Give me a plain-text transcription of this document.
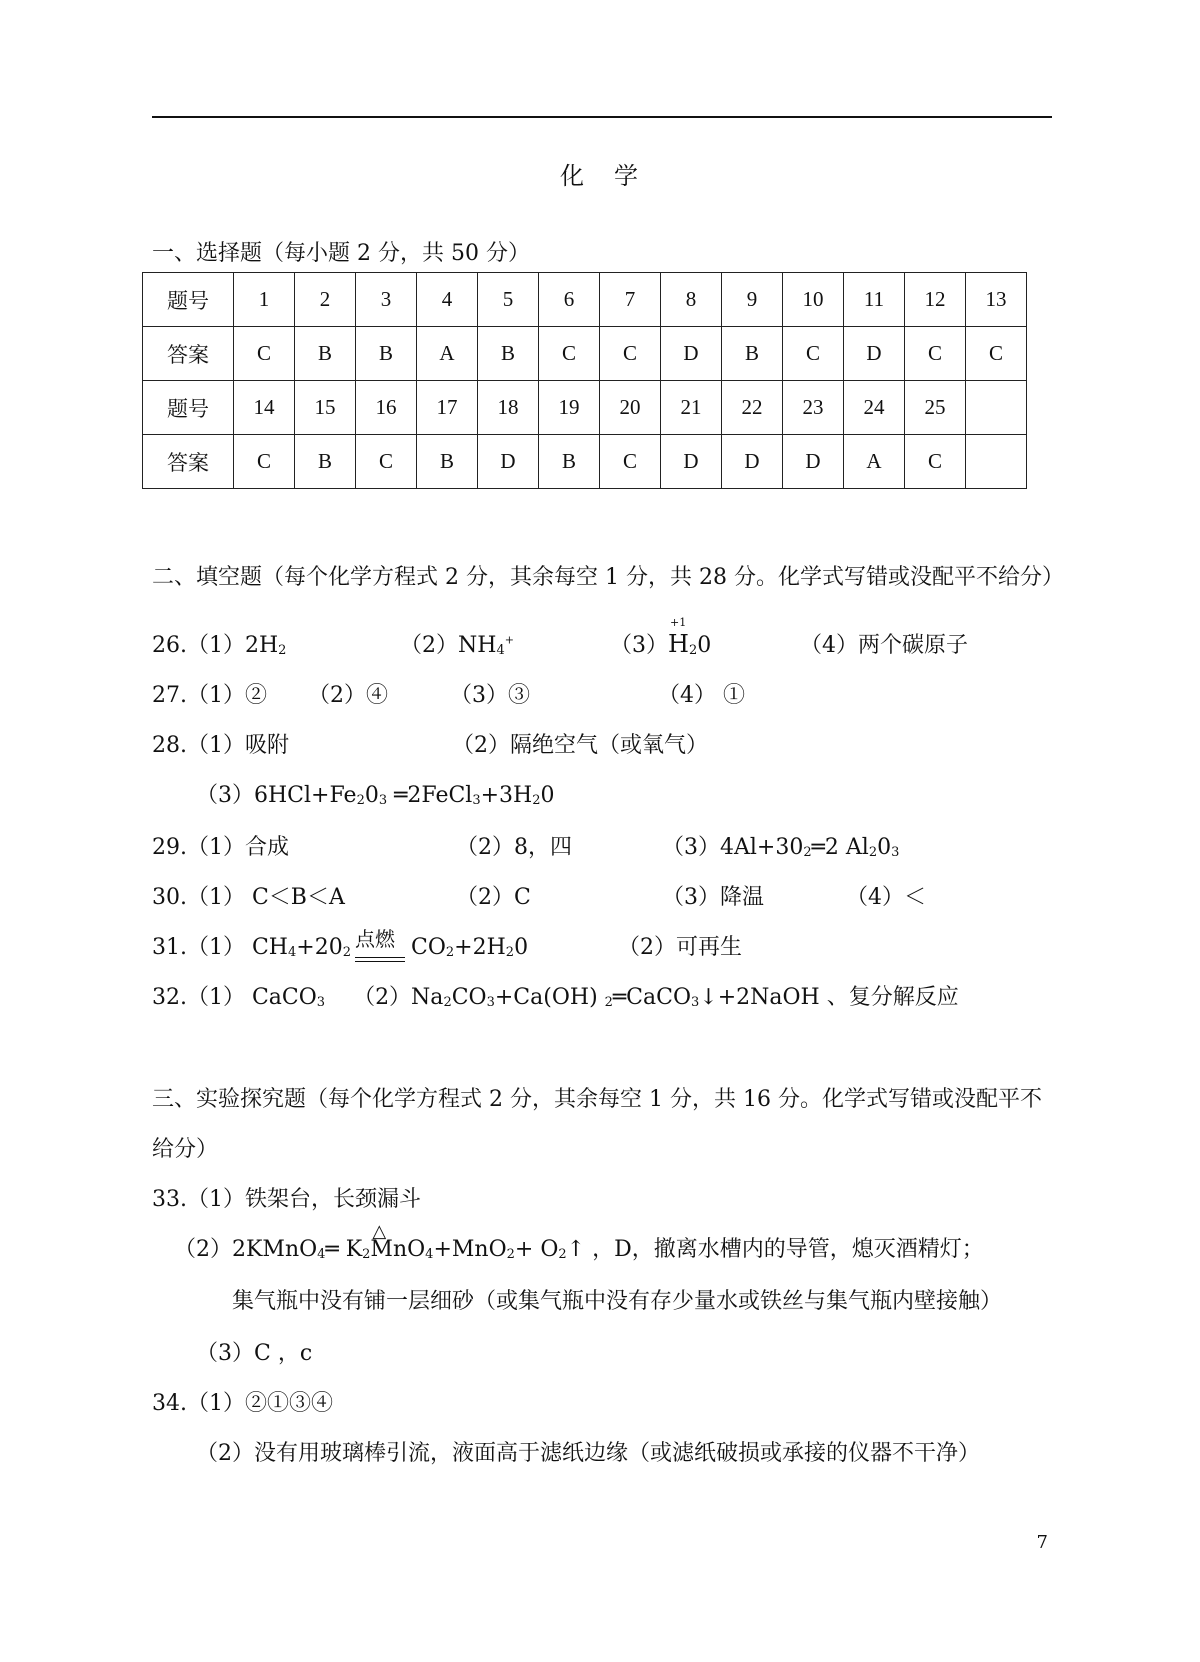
化 学
一、选择题（每小题 2 分，共 50 分）
题号	1	2	3	4	5	6	7	8	9	10	11	12	13
答案	C	B	B	A	B	C	C	D	B	C	D	C	C
题号	14	15	16	17	18	19	20	21	22	23	24	25	
答案	C	B	C	B	D	B	C	D	D	D	A	C	
二、填空题（每个化学方程式 2 分，其余每空 1 分，共 28 分。化学式写错或没配平不给分）
$26.(1)2H_2$	$(2)NH_4^+$	（3）
+1
$H_20$	（4）两个碳原子
27.（1）② （2）④	（3）③	（4） ①
28.（1）吸附	（2）隔绝空气（或氧气）
$(3)6HCl+Fe_20_3$ $═2FeCl_3+3H_20$
29.（1）合成	（2）8，四	$(3)4Al+30_2═2$ $Al_20_3$
30.（1） C＜B＜A	（2）C	（3）降温	（4）＜
31.（1） $CH_4+20_2$
点燃 $CO_2+2H_20$	（2）可再生
32.（1） CaCO$_3$ $(2)Na_2CO_3+Ca(OH)$ $_2$═CaCO$_3$↓+2NaOH 、复分解反应
三、实验探究题（每个化学方程式 2 分，其余每空 1 分，共 16 分。化学式写错或没配平不
给分）
33.（1）铁架台，长颈漏斗
（2）2KMnO$_4$═ $K_2$
△
$MnO_4+MnO_2+ O_2↑$ ，D，撤离水槽内的导管，熄灭酒精灯；
集气瓶中没有铺一层细砂（或集气瓶中没有存少量水或铁丝与集气瓶内壁接触）
（3）C ，c
34.（1）②①③④
（2）没有用玻璃棒引流，液面高于滤纸边缘（或滤纸破损或承接的仪器不干净）
7
